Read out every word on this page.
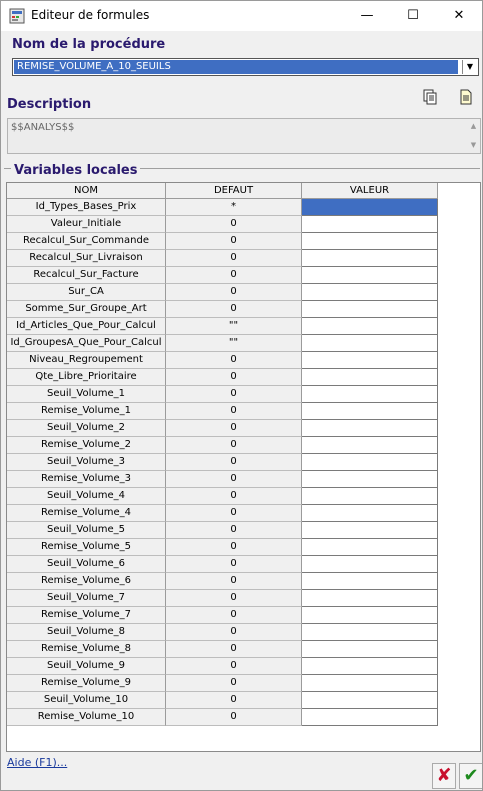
Editeur de formules	—	☐	✕
Nom de la procédure
REMISE_VOLUME_A_10_SEUILS	▼
Description
$$ANALYS$$	▲
▼
Variables locales
NOM	DEFAUT	VALEUR
Id_Types_Bases_Prix	*
Valeur_Initiale	0
Recalcul_Sur_Commande	0
Recalcul_Sur_Livraison	0
Recalcul_Sur_Facture	0
Sur_CA	0
Somme_Sur_Groupe_Art	0
Id_Articles_Que_Pour_Calcul	""
Id_GroupesA_Que_Pour_Calcul	""
Niveau_Regroupement	0
Qte_Libre_Prioritaire	0
Seuil_Volume_1	0
Remise_Volume_1	0
Seuil_Volume_2	0
Remise_Volume_2	0
Seuil_Volume_3	0
Remise_Volume_3	0
Seuil_Volume_4	0
Remise_Volume_4	0
Seuil_Volume_5	0
Remise_Volume_5	0
Seuil_Volume_6	0
Remise_Volume_6	0
Seuil_Volume_7	0
Remise_Volume_7	0
Seuil_Volume_8	0
Remise_Volume_8	0
Seuil_Volume_9	0
Remise_Volume_9	0
Seuil_Volume_10	0
Remise_Volume_10	0
Aide (F1)...
✘ ✔
